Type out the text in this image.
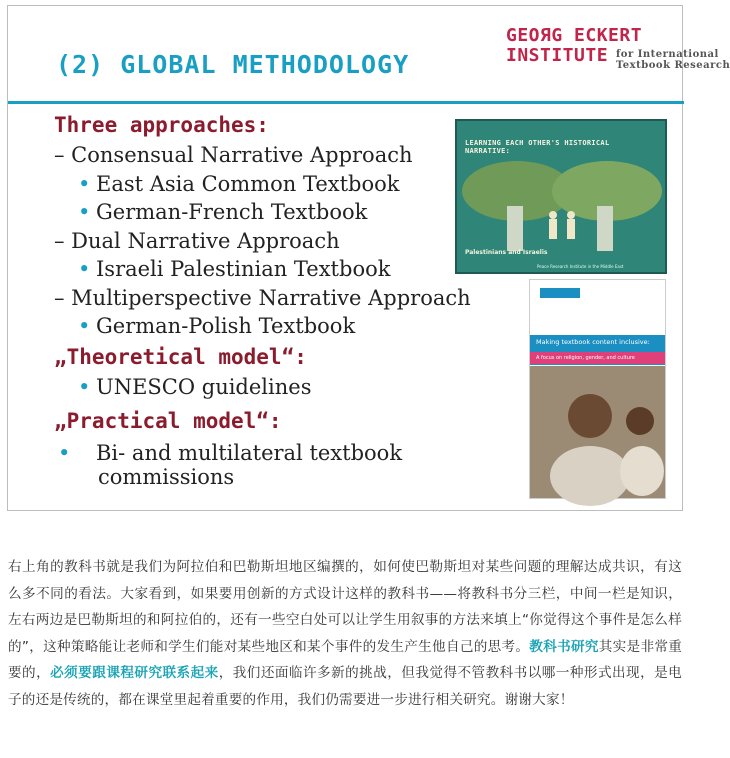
(2) GLOBAL METHODOLOGY
GEOЯG ECKERT
INSTITUTE for International
Textbook Research
Three approaches:
– Consensual Narrative Approach
• East Asia Common Textbook
• German-French Textbook
– Dual Narrative Approach
• Israeli Palestinian Textbook
– Multiperspective Narrative Approach
• German-Polish Textbook
„Theoretical model“:
• UNESCO guidelines
„Practical model“:
• Bi- and multilateral textbook commissions
LEARNING EACH OTHER'S HISTORICAL NARRATIVE:
Palestinians and Israelis
Peace Research Institute in the Middle East
Making textbook content inclusive:
A focus on religion, gender, and culture
右上角的教科书就是我们为阿拉伯和巴勒斯坦地区编撰的，如何使巴勒斯坦对某些问题的理解达成共识，有这么多不同的看法。大家看到，如果要用创新的方式设计这样的教科书——将教科书分三栏，中间一栏是知识，左右两边是巴勒斯坦的和阿拉伯的，还有一些空白处可以让学生用叙事的方法来填上“你觉得这个事件是怎么样的”，这种策略能让老师和学生们能对某些地区和某个事件的发生产生他自己的思考。教科书研究其实是非常重要的，必须要跟课程研究联系起来，我们还面临许多新的挑战，但我觉得不管教科书以哪一种形式出现，是电子的还是传统的，都在课堂里起着重要的作用，我们仍需要进一步进行相关研究。谢谢大家！
